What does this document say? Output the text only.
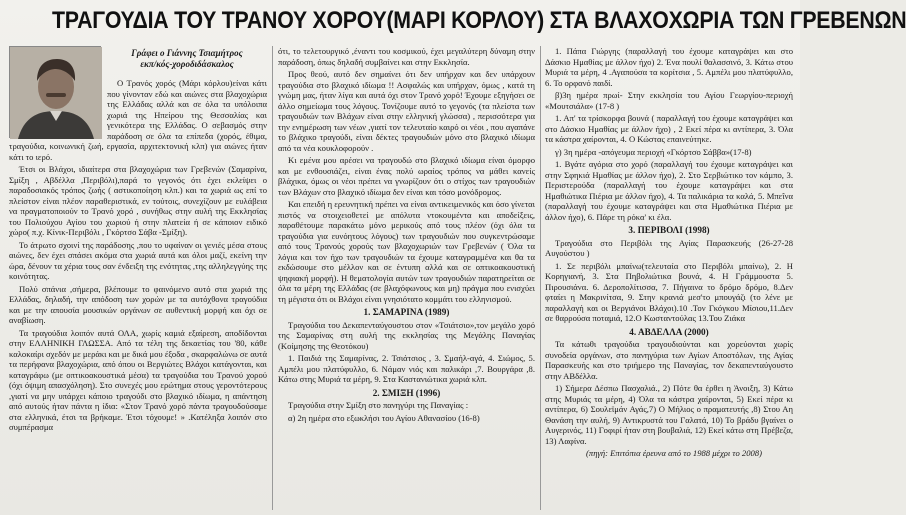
ΤΡΑΓΟΥΔΙΑ ΤΟΥ ΤΡΑΝΟΥ ΧΟΡΟΥ(ΜΑΡΙ ΚΟΡΛΟΥ) ΣΤΑ ΒΛΑΧΟΧΩΡΙΑ ΤΩΝ ΓΡΕΒΕΝΩΝ
Γράφει ο Γιάννης Τσιαμήτρος
εκπ/κός-χοροδιδάσκαλος

Ο Τρανός χορός (Μάρι κόρλου)είναι κάτι που γίνονταν εδώ και αιώνες στα βλαχοχώρια της Ελλάδας αλλά και σε όλα τα υπόλοιπα χωριά της Ηπείρου της Θεσσαλίας και γενικότερα της Ελλάδας. Ο σεβασμός στην παράδοση σε όλα τα επίπεδα (χορός, έθιμα, τραγούδια, κοινωνική ζωή, εργασία, αρχιτεκτονική κλπ) για αιώνες ήταν κάτι το ιερό.

Έτσι οι Βλάχοι, ιδιαίτερα στα βλαχοχώρια των Γρεβενών (Σαμαρίνα, Σμίξη , Αβδέλλα ,Περιβόλι),παρά το γεγονός ότι έχει εκλείψει ο παραδοσιακός τρόπος ζωής ( αστικοποίηση κλπ.) και τα χωριά ως επί το πλείστον είναι πλέον παραθεριστικά, εν τούτοις, συνεχίζουν με ευλάβεια να πραγματοποιούν το Τρανό χορό , συνήθως στην αυλή της Εκκλησίας του Πολιούχου Αγίου του χωριού ή στην πλατεία ή σε κάποιον ειδικό χώρο( π.χ. Κίνικ-Περιβόλι , Γκόρτσο Σάβα -Σμίξη).

Το άτρωτο σχοινί της παράδοσης ,που το υφαίναν οι γενιές μέσα στους αιώνες, δεν έχει σπάσει ακόμα στα χωριά αυτά και όλοι μαζί, εκείνη την ώρα, δένουν τα χέρια τους σαν ένδειξη της ενότητας ,της αλληλεγγύης της κοινότητας.

Πολύ σπάνια ,σήμερα, βλέπουμε το φαινόμενο αυτό στα χωριά της Ελλάδας, δηλαδή, την απόδοση των χορών με τα αυτόχθονα τραγούδια και με την απουσία μουσικών οργάνων σε αυθεντική μορφή και όχι σε αναβίωση.

Τα τραγούδια λοιπόν αυτά ΟΛΑ, χωρίς καμιά εξαίρεση, αποδίδονται στην ΕΛΛΗΝΙΚΗ ΓΛΩΣΣΑ. Από τα τέλη της δεκαετίας του '80, κάθε καλοκαίρι σχεδόν με μεράκι και με δικά μου έξοδα , σκαρφαλώνω σε αυτά τα περήφανα βλαχοχώρια, από όπου οι Βεργιώτες Βλάχοι κατάγονται, και καταγράφω (με οπτικοακουστικά μέσα) τα τραγούδια του Τρανού χορού (όχι όψιμη απασχόληση). Στο συνεχές μου ερώτημα στους γεροντότερους ,γιατί να μην υπάρχει κάποιο τραγούδι στο βλαχικό ιδίωμα, η απάντηση από αυτούς ήταν πάντα η ίδια: «Στον Τρανό χορό πάντα τραγουδούσαμε στα ελληνικά, έτσι τα βρήκαμε. Έτσι τόχουμε! » .Κατέληξα λοιπόν στο συμπέρασμα

ότι, το τελετουργικό ,έναντι του κοσμικού, έχει μεγαλύτερη δύναμη στην παράδοση, όπως δηλαδή συμβαίνει και στην Εκκλησία.

Προς θεού, αυτό δεν σημαίνει ότι δεν υπήρχαν και δεν υπάρχουν τραγούδια στο βλαχικό ιδίωμα !! Ασφαλώς και υπήρχαν, όμως , κατά τη γνώμη μας, ήταν λίγα και αυτά όχι στον Τρανό χορό! Έχουμε εξηγήσει σε άλλο σημείωμα τους λόγους. Τονίζουμε αυτό το γεγονός (τα πλείστα των τραγουδιών των Βλάχων είναι στην ελληνική γλώσσα) , περισσότερα για την ενημέρωση των νέων ,γιατί τον τελευταίο καιρό οι νέοι , που αγαπάνε το βλάχικο τραγούδι, είναι δέκτες τραγουδιών μόνο στο βλαχικό ιδίωμα από τα νέα κουκλοφορούν .

Κι εμένα μου αρέσει να τραγουδώ στο βλαχικό ιδίωμα είναι όμορφο και με ενθουσιάζει, είναι ένας πολύ ωραίος τρόπος να μάθει κανείς βλάχικα, όμως οι νέοι πρέπει να γνωρίζουν ότι ο στίχος των τραγουδιών των Βλάχων στο βλαχικό ιδίωμα δεν είναι και τόσο μονόδρομος.

Και επειδή η ερευνητική πρέπει να είναι αντικειμενικός και όσο γίνεται πιστός να στοιχειοθετεί με απόλυτα ντοκουμέντα και αποδείξεις, παραθέτουμε παρακάτω μόνο μερικούς από τους πλέον (όχι όλα τα τραγούδια για ευνόητους λόγους) των τραγουδιών που συγκεντρώσαμε από τους Τρανούς χορούς των βλαχοχωριών των Γρεβενών ( Όλα τα λόγια και τον ήχο των τραγουδιών τα έχουμε καταγραμμένα και θα τα εκδώσουμε στο μέλλον και σε έντυπη αλλά και σε οπτικοακουστική ψηφιακή μορφή). Η θεματολογία αυτών των τραγουδιών παρατηρείται σε όλα τα μέρη της Ελλάδας (σε βλαχόφωνους και μη) πράγμα που ενισχύει τη μέγιστα ότι οι Βλάχοι είναι γνησιότατο κομμάτι του ελληνισμού.

1. ΣΑΜΑΡΙΝΑ (1989)

Τραγούδια του Δεκαπενταύγουστου στον «Τσιάτσιο»,τον μεγάλο χορό της Σαμαρίνας στη αυλή της εκκλησίας της Μεγάλης Παναγίας (Κοίμησης της Θεοτόκου)

1. Παιδιά της Σαμαρίνας, 2. Τσιάτσιος , 3. Σμαήλ-αγά, 4. Σιώμος, 5. Αμπέλι μου πλατύφυλλο, 6. Νάμαν νιός και παλικάρι ,7. Βουργάρα ,8. Κάτω στης Μυριά τα μέρη, 9. Στα Καστανιώτικα χωριά κλπ.

2. ΣΜΙΞΗ (1996)

Τραγούδια στην Σμίξη στο πανηγύρι της Παναγίας :

α) 2η ημέρα στο εξωκλήσι του Αγίου Αθανασίου (16-8)

1. Πάπα Γιώργης (παραλλαγή του έχουμε καταγράψει και στο Δάσκιο Ημαθίας με άλλον ήχο) 2. Ένα πουλί θαλασσινό, 3. Κάτω στου Μυριά τα μέρη, 4 .Αγαπούσα τα κορίτσια , 5. Αμπέλι μου πλατύφυλλο, 6. Το ορφανό παιδί.

β)3η ημέρα πρωί- Στην εκκλησία του Αγίου Γεωργίου-περιοχή «Μουτσιάλα» (17-8 )

1. Απ' τα τρίσκορφα βουνά ( παραλλαγή του έχουμε καταγράψει και στο Δάσκιο Ημαθίας με άλλον ήχο) , 2 Εκεί πέρα κι αντίπερα, 3. Όλα τα κάστρα χαίρονται, 4. Ο Κώστας επαινεύτηκε.

γ) 3η ημέρα -απόγευμα περιοχή «Γκόρτσο Σάββα»(17-8)

1. Βγάτε αγόρια στο χορό (παραλλαγή του έχουμε καταγράψει και στην Σφηκιά Ημαθίας με άλλον ήχο), 2. Στο Σερβιώτικο τον κάμπο, 3. Περιστερούδα (παραλλαγή του έχουμε καταγράψει και στα Ημαθιώτικα Πιέρια με άλλον ήχο), 4. Τα παλικάρια τα καλά, 5. Μπεΐνα (παραλλαγή του έχουμε καταγράψει και στα Ημαθιώτικα Πιέρια με άλλον ήχο), 6. Πάρε τη ρόκα' κι έλα.

3. ΠΕΡΙΒΟΛΙ (1998)

Τραγούδια στο Περιβόλι της Αγίας Παρασκευής (26-27-28 Αυγούστου )

1. Σε περιβόλι μπαίνω(τελευταία στο Περιβόλι μπαίνω), 2. Η Κορηγιανή, 3. Στα Πηβολιώτικα βουνά, 4. Η Γράμμουστα 5. Πιρουσιάνα. 6. Δεροπολίτισσα, 7. Πήγαινα το δρόμο δρόμο, 8.Δεν φταίει η Μακρινίτσα, 9. Στην κρανιά μεσ'το μπουγάζι (το λένε με παραλλαγή και οι Βεργιάνοι Βλάχοι).10 .Τον Γκόγκου Μίσιου,11.Δεν σε θαρρούσα ποταμιά, 12.Ο Κωσταντούλας 13.Του Ζιάκα

4. ΑΒΔΕΛΛΑ (2000)

Τα κάτωθι τραγούδια τραγουδιούνται και χορεύονται χωρίς συνοδεία οργάνων, στο πανηγύρια των Αγίων Αποστόλων, της Αγίας Παρασκευής και στο τριήμερο της Παναγίας, τον δεκαπενταύγουστο στην ΑΒδέλλα.

1) Σήμερα Δέσπω Πασχαλιά., 2) Πότε θα έρθει η Άνοιξη, 3) Κάτω στης Μυριάς τα μέρη, 4) Όλα τα κάστρα χαίρονται, 5) Εκεί πέρα κι αντίπερα, 6) Σουλεϊμάν Αγάς,7) Ο Μήλιος ο πραματευτής ,8) Στου Αη Θανάση την αυλή, 9) Αντικρυστά του Γαλατά, 10) Το βράδυ βγαίνει ο Αυγερινός, 11) Γοφιρί ήταν στη βουβαλιά, 12) Εκεί κάτω στη Πρέβεζα, 13) Λαφίνα.

(πηγή: Επιτόπια έρευνα από το 1988 μέχρι το 2008)
